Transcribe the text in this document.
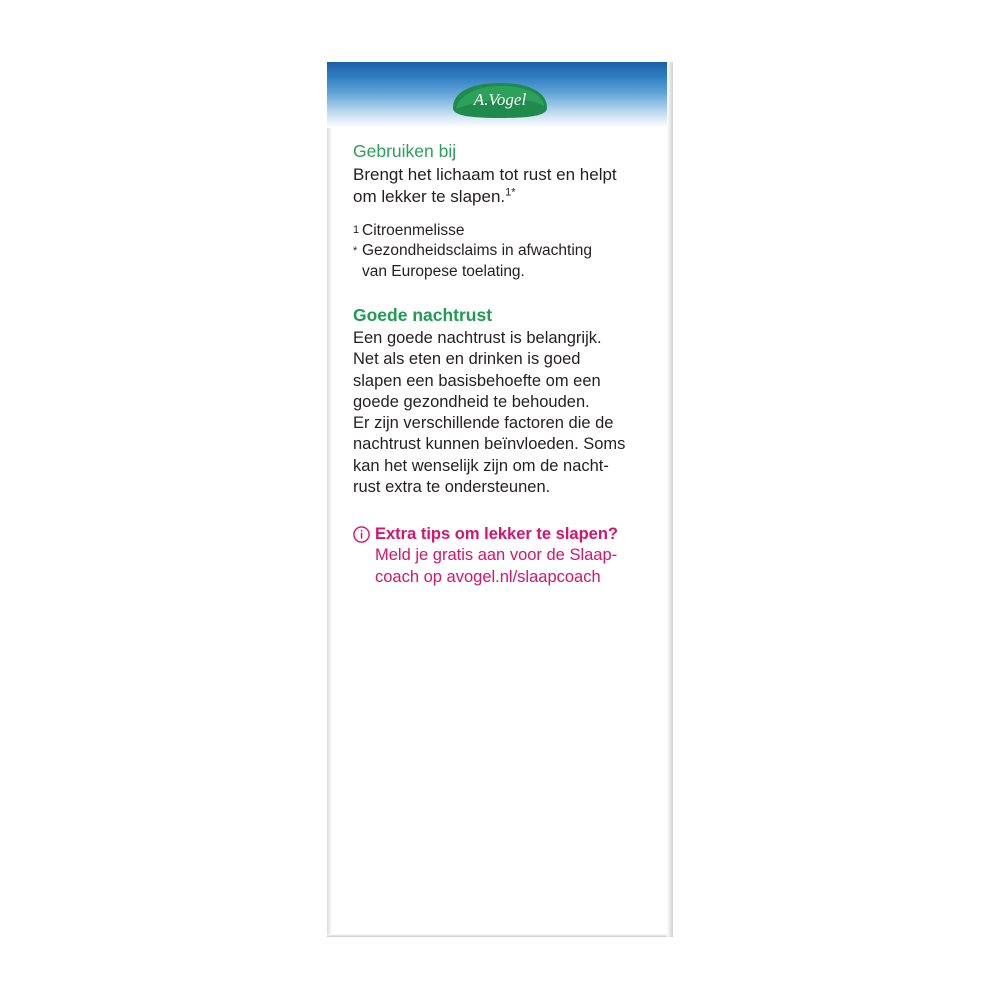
A.Vogel
Gebruiken bij
Brengt het lichaam tot rust en helpt
om lekker te slapen.$^{1*}$
1 Citroenmelisse
* Gezondheidsclaims in afwachting
van Europese toelating.
Goede nachtrust
Een goede nachtrust is belangrijk.
Net als eten en drinken is goed
slapen een basisbehoefte om een
goede gezondheid te behouden.
Er zijn verschillende factoren die de
nachtrust kunnen beïnvloeden. Soms
kan het wenselijk zijn om de nacht-
rust extra te ondersteunen.
Extra tips om lekker te slapen?
Meld je gratis aan voor de Slaap-
coach op avogel.nl/slaapcoach
